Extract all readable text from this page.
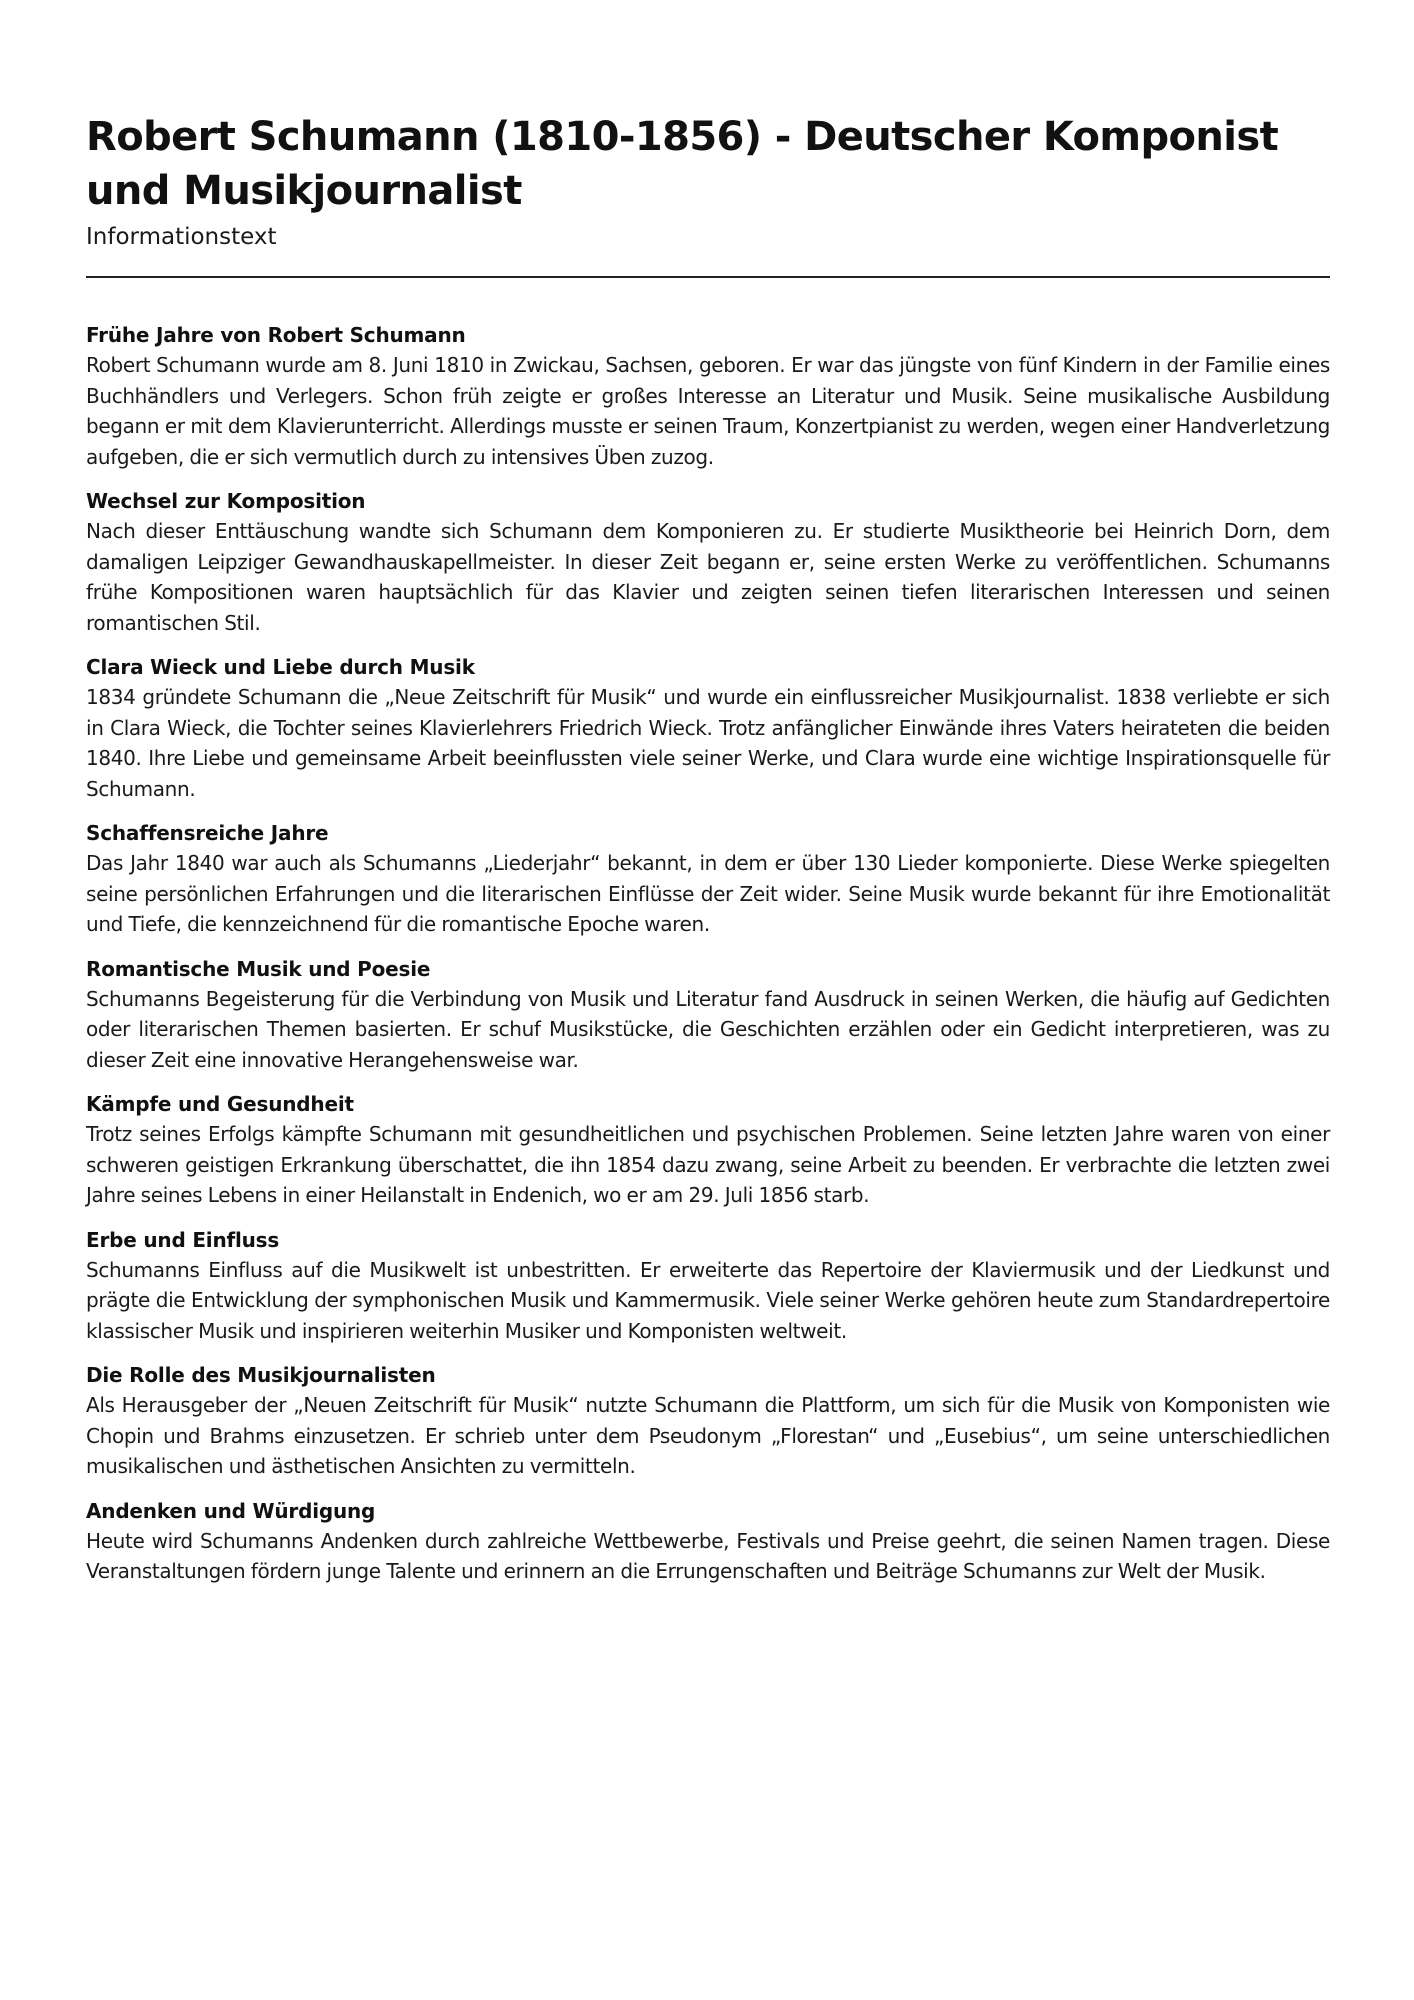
Robert Schumann (1810-1856) - Deutscher Komponist und Musikjournalist
Informationstext
Frühe Jahre von Robert Schumann

Robert Schumann wurde am 8. Juni 1810 in Zwickau, Sachsen, geboren. Er war das jüngste von fünf Kindern in der Familie eines Buchhändlers und Verlegers. Schon früh zeigte er großes Interesse an Literatur und Musik. Seine musikalische Ausbildung begann er mit dem Klavierunterricht. Allerdings musste er seinen Traum, Konzertpianist zu werden, wegen einer Handverletzung aufgeben, die er sich vermutlich durch zu intensives Üben zuzog.

Wechsel zur Komposition

Nach dieser Enttäuschung wandte sich Schumann dem Komponieren zu. Er studierte Musiktheorie bei Heinrich Dorn, dem damaligen Leipziger Gewandhauskapellmeister. In dieser Zeit begann er, seine ersten Werke zu veröffentlichen. Schumanns frühe Kompositionen waren hauptsächlich für das Klavier und zeigten seinen tiefen literarischen Interessen und seinen romantischen Stil.

Clara Wieck und Liebe durch Musik

1834 gründete Schumann die „Neue Zeitschrift für Musik“ und wurde ein einflussreicher Musikjournalist. 1838 verliebte er sich in Clara Wieck, die Tochter seines Klavierlehrers Friedrich Wieck. Trotz anfänglicher Einwände ihres Vaters heirateten die beiden 1840. Ihre Liebe und gemeinsame Arbeit beeinflussten viele seiner Werke, und Clara wurde eine wichtige Inspirationsquelle für Schumann.

Schaffensreiche Jahre

Das Jahr 1840 war auch als Schumanns „Liederjahr“ bekannt, in dem er über 130 Lieder komponierte. Diese Werke spiegelten seine persönlichen Erfahrungen und die literarischen Einflüsse der Zeit wider. Seine Musik wurde bekannt für ihre Emotionalität und Tiefe, die kennzeichnend für die romantische Epoche waren.

Romantische Musik und Poesie

Schumanns Begeisterung für die Verbindung von Musik und Literatur fand Ausdruck in seinen Werken, die häufig auf Gedichten oder literarischen Themen basierten. Er schuf Musikstücke, die Geschichten erzählen oder ein Gedicht interpretieren, was zu dieser Zeit eine innovative Herangehensweise war.

Kämpfe und Gesundheit

Trotz seines Erfolgs kämpfte Schumann mit gesundheitlichen und psychischen Problemen. Seine letzten Jahre waren von einer schweren geistigen Erkrankung überschattet, die ihn 1854 dazu zwang, seine Arbeit zu beenden. Er verbrachte die letzten zwei Jahre seines Lebens in einer Heilanstalt in Endenich, wo er am 29. Juli 1856 starb.

Erbe und Einfluss

Schumanns Einfluss auf die Musikwelt ist unbestritten. Er erweiterte das Repertoire der Klaviermusik und der Liedkunst und prägte die Entwicklung der symphonischen Musik und Kammermusik. Viele seiner Werke gehören heute zum Standardrepertoire klassischer Musik und inspirieren weiterhin Musiker und Komponisten weltweit.

Die Rolle des Musikjournalisten

Als Herausgeber der „Neuen Zeitschrift für Musik“ nutzte Schumann die Plattform, um sich für die Musik von Komponisten wie Chopin und Brahms einzusetzen. Er schrieb unter dem Pseudonym „Florestan“ und „Eusebius“, um seine unterschiedlichen musikalischen und ästhetischen Ansichten zu vermitteln.

Andenken und Würdigung

Heute wird Schumanns Andenken durch zahlreiche Wettbewerbe, Festivals und Preise geehrt, die seinen Namen tragen. Diese Veranstaltungen fördern junge Talente und erinnern an die Errungenschaften und Beiträge Schumanns zur Welt der Musik.
